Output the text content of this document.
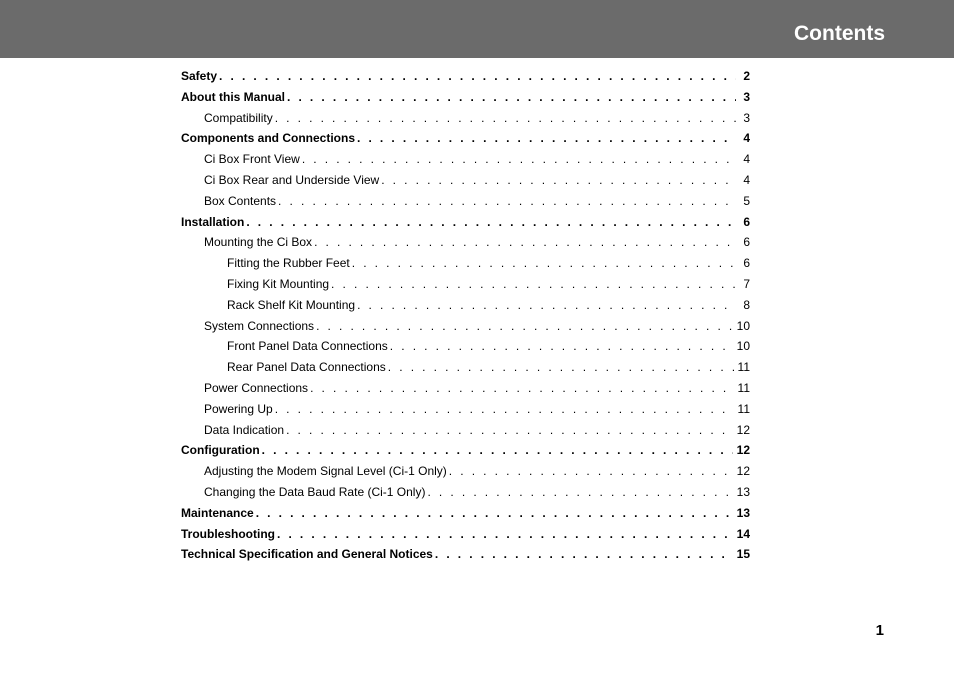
Contents
Safety . . .	2
About this Manual . . .	3
Compatibility . . .	3
Components and Connections . . .	4
Ci Box Front View . . .	4
Ci Box Rear and Underside View . . .	4
Box Contents . . .	5
Installation . . .	6
Mounting the Ci Box . . .	6
Fitting the Rubber Feet . . .	6
Fixing Kit Mounting . . .	7
Rack Shelf Kit Mounting . . .	8
System Connections . . .	10
Front Panel Data Connections . . .	10
Rear Panel Data Connections . . .	11
Power Connections . . .	11
Powering Up . . .	11
Data Indication . . .	12
Configuration . . .	12
Adjusting the Modem Signal Level (Ci-1 Only) . . .	12
Changing the Data Baud Rate (Ci-1 Only) . . .	13
Maintenance . . .	13
Troubleshooting . . .	14
Technical Specification and General Notices . . .	15
1
